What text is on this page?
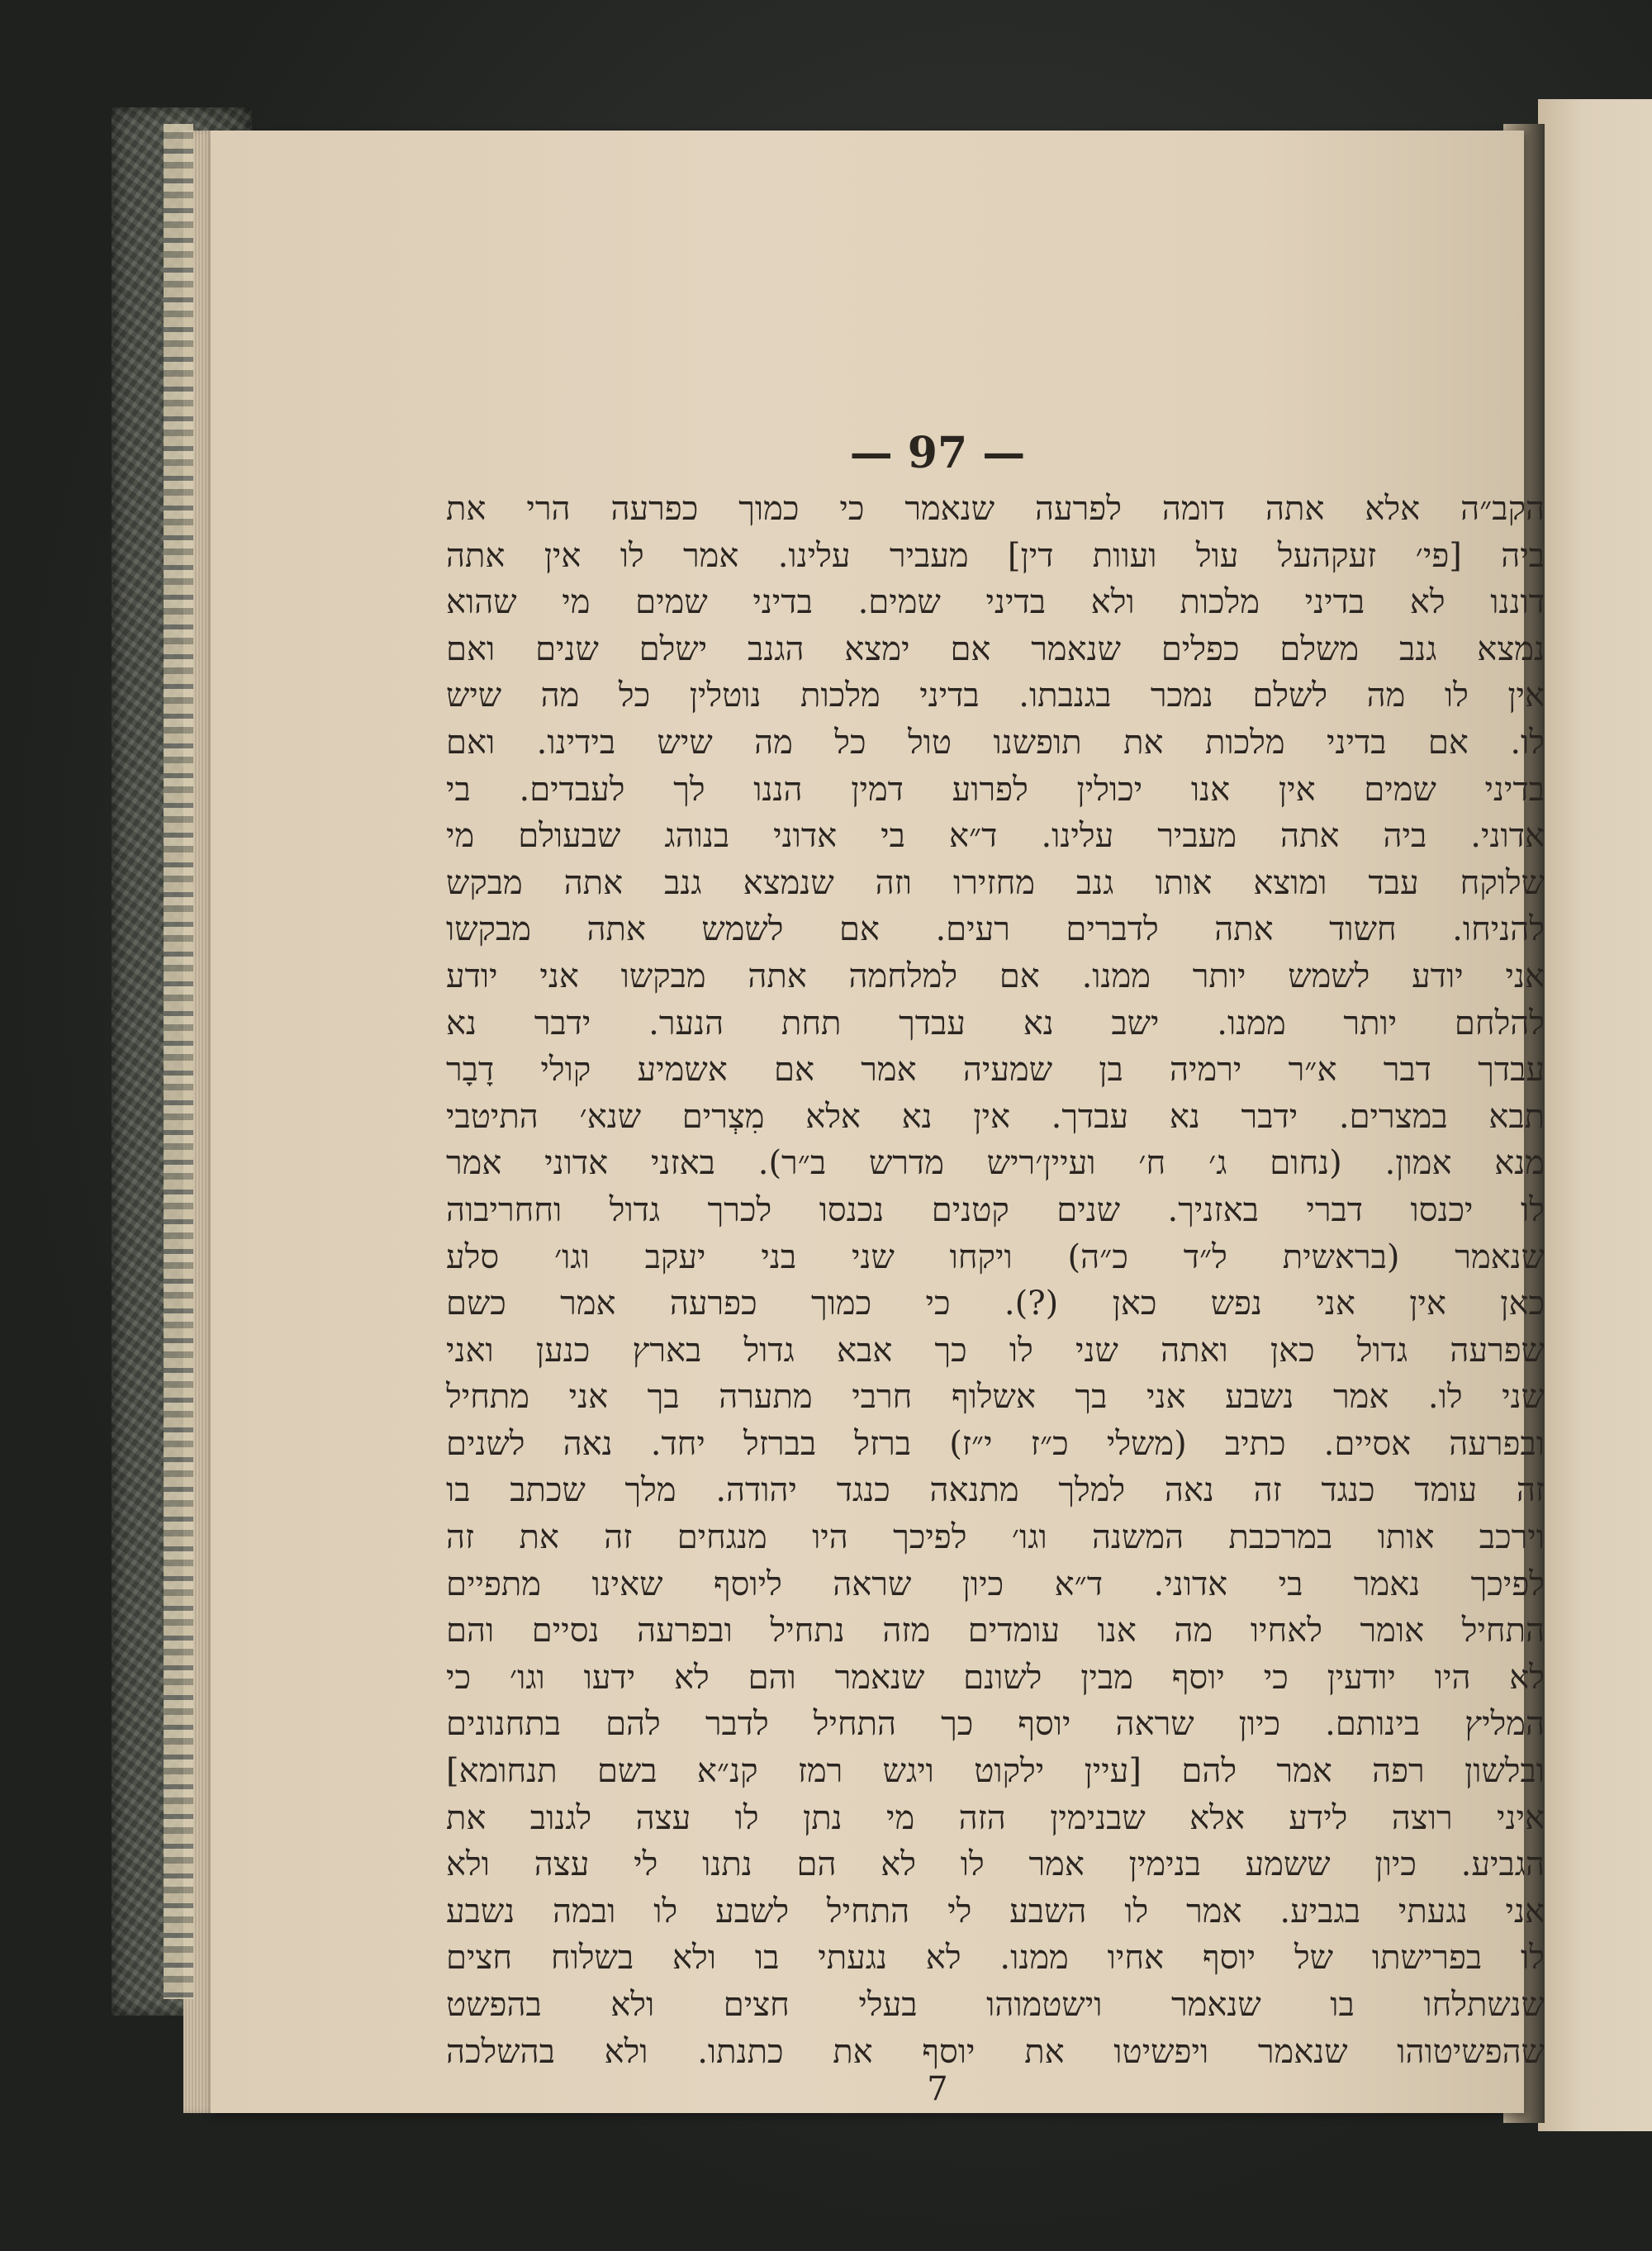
— 97 —
הקב״ה אלא אתה דומה לפרעה שנאמר כי כמוך כפרעה הרי את
ביה [פי׳ זעקהעל עול ועוות דין] מעביר עלינו. אמר לו אין אתה
דוננו לא בדיני מלכות ולא בדיני שמים. בדיני שמים מי שהוא
נמצא גנב משלם כפלים שנאמר אם ימצא הגנב ישלם שנים ואם
אין לו מה לשלם נמכר בגנבתו. בדיני מלכות נוטלין כל מה שיש
לו. אם בדיני מלכות את תופשנו טול כל מה שיש בידינו. ואם
בדיני שמים אין אנו יכולין לפרוע דמין הננו לך לעבדים. בי
אדוני. ביה אתה מעביר עלינו. ד״א בי אדוני בנוהג שבעולם מי
שלוקח עבד ומוצא אותו גנב מחזירו וזה שנמצא גנב אתה מבקש
להניחו. חשוד אתה לדברים רעים. אם לשמש אתה מבקשו
אני יודע לשמש יותר ממנו. אם למלחמה אתה מבקשו אני יודע
להלחם יותר ממנו. ישב נא עבדך תחת הנער. ידבר נא
עבדך דבר א״ר ירמיה בן שמעיה אמר אם אשמיע קולי דָבָר
תבא במצרים. ידבר נא עבדך. אין נא אלא מִצְרים שנא׳ התיטבי
מנא אמון. (נחום ג׳ ח׳ ועיין׳ריש מדרש ב״ר). באזני אדוני אמר
לו יכנסו דברי באזניך. שנים קטנים נכנסו לכרך גדול וחחריבוה
שנאמר (בראשית ל״ד כ״ה) ויקחו שני בני יעקב וגו׳ סלע
כאן אין אני נפש כאן (?). כי כמוך כפרעה אמר כשם
שפרעה גדול כאן ואתה שני לו כך אבא גדול בארץ כנען ואני
שני לו. אמר נשבע אני בך אשלוף חרבי מתערה בך אני מתחיל
ובפרעה אסיים. כתיב (משלי כ״ז י״ז) ברזל בברזל יחד. נאה לשנים
זה עומד כנגד זה נאה למלך מתנאה כנגד יהודה. מלך שכתב בו
וירכב אותו במרכבת המשנה וגו׳ לפיכך היו מנגחים זה את זה
לפיכך נאמר בי אדוני. ד״א כיון שראה ליוסף שאינו מתפיים
התחיל אומר לאחיו מה אנו עומדים מזה נתחיל ובפרעה נסיים והם
לא היו יודעין כי יוסף מבין לשונם שנאמר והם לא ידעו וגו׳ כי
המליץ בינותם. כיון שראה יוסף כך התחיל לדבר להם בתחנונים
ובלשון רפה אמר להם [עיין ילקוט ויגש רמז קנ״א בשם תנחומא]
איני רוצה לידע אלא שבנימין הזה מי נתן לו עצה לגנוב את
הגביע. כיון ששמע בנימין אמר לו לא הם נתנו לי עצה ולא
אני נגעתי בגביע. אמר לו השבע לי התחיל לשבע לו ובמה נשבע
לו בפרישתו של יוסף אחיו ממנו. לא נגעתי בו ולא בשלוח חצים
שנשתלחו בו שנאמר וישטמוהו בעלי חצים ולא בהפשט
שהפשיטוהו שנאמר ויפשיטו את יוסף את כתנתו. ולא בהשלכה
7
